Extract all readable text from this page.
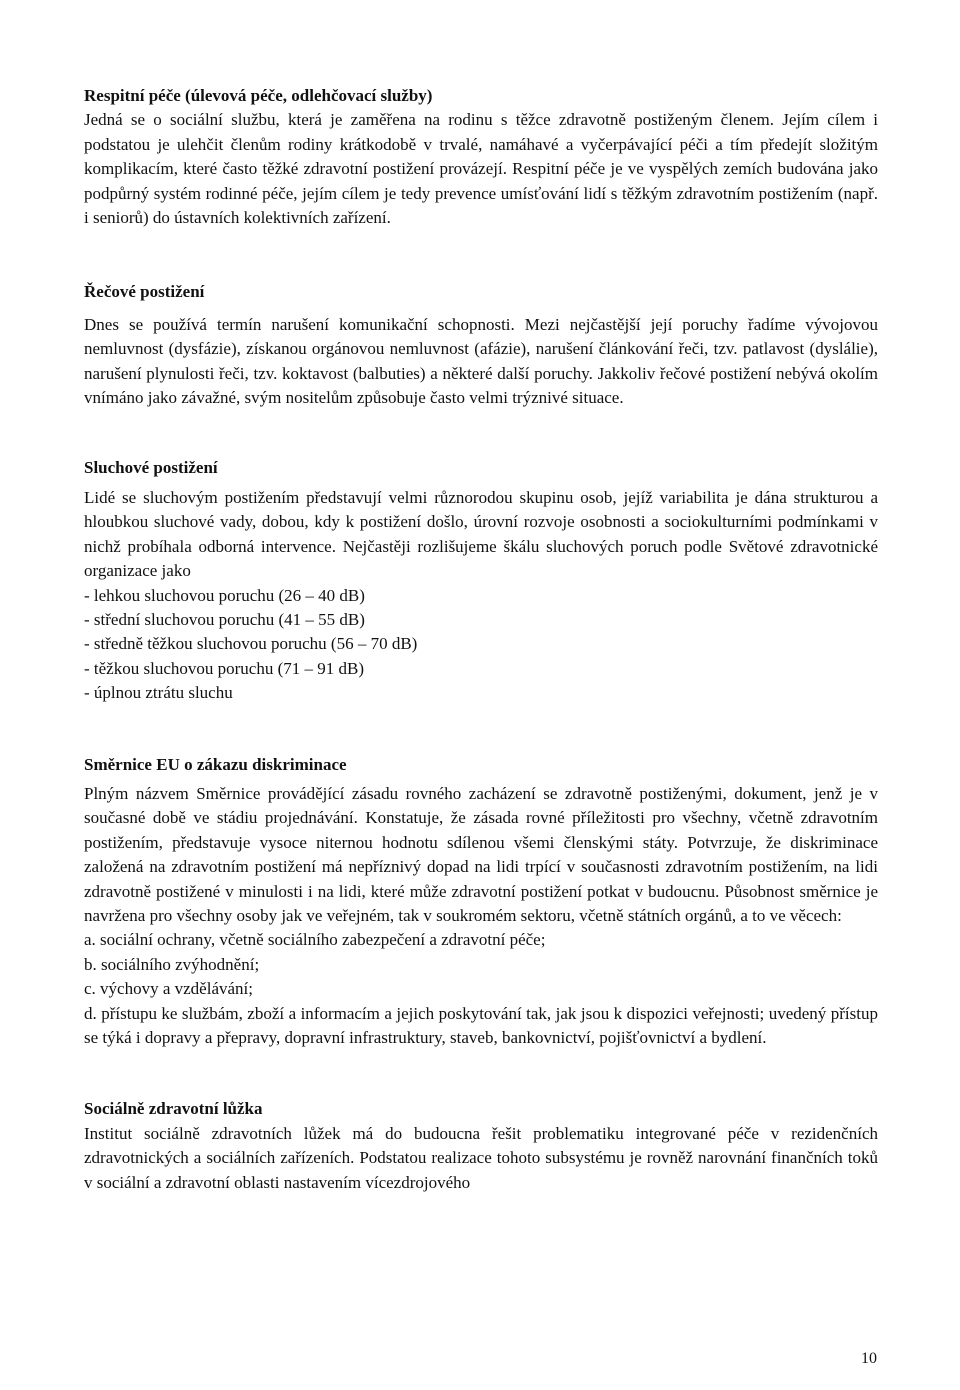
Respitní péče (úlevová péče, odlehčovací služby)

Jedná se o sociální službu, která je zaměřena na rodinu s těžce zdravotně postiženým členem. Jejím cílem i podstatou je ulehčit členům rodiny krátkodobě v trvalé, namáhavé a vyčerpávající péči a tím předejít složitým komplikacím, které často těžké zdravotní postižení provázejí. Respitní péče je ve vyspělých zemích budována jako podpůrný systém rodinné péče, jejím cílem je tedy prevence umísťování lidí s těžkým zdravotním postižením (např. i seniorů) do ústavních kolektivních zařízení.

Řečové postižení

Dnes se používá termín narušení komunikační schopnosti. Mezi nejčastější její poruchy řadíme vývojovou nemluvnost (dysfázie), získanou orgánovou nemluvnost (afázie), narušení článkování řeči, tzv. patlavost (dyslálie), narušení plynulosti řeči, tzv. koktavost (balbuties) a některé další poruchy. Jakkoliv řečové postižení nebývá okolím vnímáno jako závažné, svým nositelům způsobuje často velmi trýznivé situace.

Sluchové postižení

Lidé se sluchovým postižením představují velmi různorodou skupinu osob, jejíž variabilita je dána strukturou a hloubkou sluchové vady, dobou, kdy k postižení došlo, úrovní rozvoje osobnosti a sociokulturními podmínkami v nichž probíhala odborná intervence. Nejčastěji rozlišujeme škálu sluchových poruch podle Světové zdravotnické organizace jako

- lehkou sluchovou poruchu (26 – 40 dB)

- střední sluchovou poruchu (41 – 55 dB)

- středně těžkou sluchovou poruchu (56 – 70 dB)

- těžkou sluchovou poruchu (71 – 91 dB)

- úplnou ztrátu sluchu

Směrnice EU o zákazu diskriminace

Plným názvem Směrnice provádějící zásadu rovného zacházení se zdravotně postiženými, dokument, jenž je v současné době ve stádiu projednávání. Konstatuje, že zásada rovné příležitosti pro všechny, včetně zdravotním postižením, představuje vysoce niternou hodnotu sdílenou všemi členskými státy. Potvrzuje, že diskriminace založená na zdravotním postižení má nepříznivý dopad na lidi trpící v současnosti zdravotním postižením, na lidi zdravotně postižené v minulosti i na lidi, které může zdravotní postižení potkat v budoucnu. Působnost směrnice je navržena pro všechny osoby jak ve veřejném, tak v soukromém sektoru, včetně státních orgánů, a to ve věcech:

a. sociální ochrany, včetně sociálního zabezpečení a zdravotní péče;

b. sociálního zvýhodnění;

c. výchovy a vzdělávání;

d. přístupu ke službám, zboží a informacím a jejich poskytování tak, jak jsou k dispozici veřejnosti; uvedený přístup se týká i dopravy a přepravy, dopravní infrastruktury, staveb, bankovnictví, pojišťovnictví a bydlení.

Sociálně zdravotní lůžka

Institut sociálně zdravotních lůžek má do budoucna řešit problematiku integrované péče v rezidenčních zdravotnických a sociálních zařízeních. Podstatou realizace tohoto subsystému je rovněž narovnání finančních toků v sociální a zdravotní oblasti nastavením vícezdrojového

10
